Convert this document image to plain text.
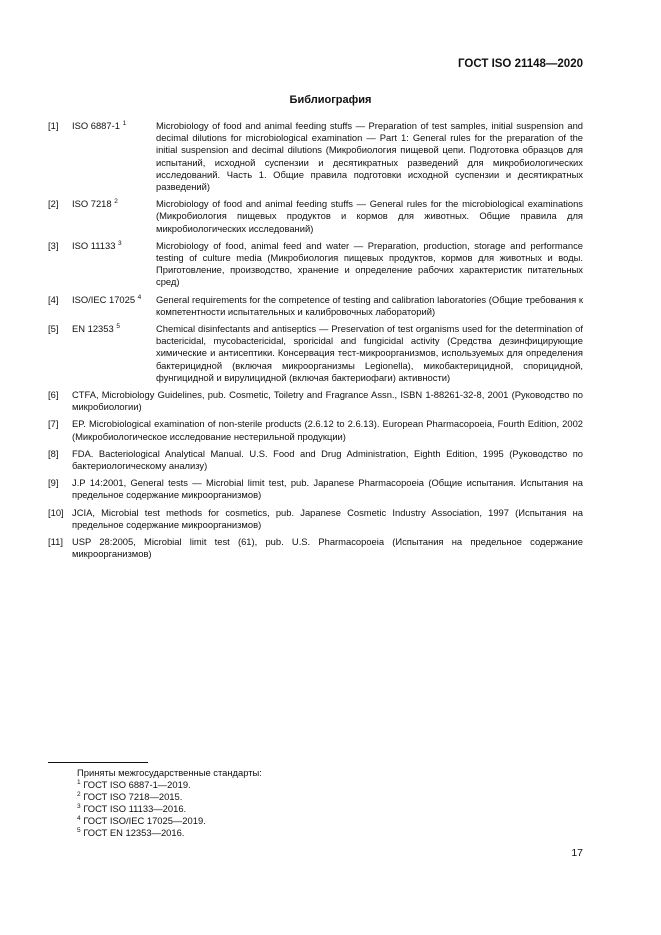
ГОСТ ISO 21148—2020
Библиография
[1] ISO 6887-1 $^1$	Microbiology of food and animal feeding stuffs — Preparation of test samples, initial suspension and decimal dilutions for microbiological examination — Part 1: General rules for the preparation of the initial suspension and decimal dilutions (Микробиология пищевой цепи. Подготовка образцов для испытаний, исходной суспензии и десятикратных разведений для микробиологических исследований. Часть 1. Общие правила подготовки исходной суспензии и десятикратных разведений)
[2] ISO 7218 $^2$	Microbiology of food and animal feeding stuffs — General rules for the microbiological examinations (Микробиология пищевых продуктов и кормов для животных. Общие правила для микробиологических исследований)
[3] ISO 11133 $^3$	Microbiology of food, animal feed and water — Preparation, production, storage and performance testing of culture media (Микробиология пищевых продуктов, кормов для животных и воды. Приготовление, производство, хранение и определение рабочих характеристик питательных сред)
[4] ISO/IEC 17025 $^4$ General requirements for the competence of testing and calibration laboratories (Общие требования к компетентности испытательных и калибровочных лабораторий)
[5] EN 12353 $^5$	Chemical disinfectants and antiseptics — Preservation of test organisms used for the determination of bactericidal, mycobactericidal, sporicidal and fungicidal activity (Средства дезинфицирующие химические и антисептики. Консервация тест-микроорганизмов, используемых для определения бактерицидной (включая микроорганизмы Legionella), микобактерицидной, спорицидной, фунгицидной и вирулицидной (включая бактериофаги) активности)
[6] CTFA, Microbiology Guidelines, pub. Cosmetic, Toiletry and Fragrance Assn., ISBN 1-88261-32-8, 2001 (Руководство по микробиологии)
[7] EP. Microbiological examination of non-sterile products (2.6.12 to 2.6.13). European Pharmacopoeia, Fourth Edition, 2002 (Микробиологическое исследование нестерильной продукции)
[8] FDA. Bacteriological Analytical Manual. U.S. Food and Drug Administration, Eighth Edition, 1995 (Руководство по бактериологическому анализу)
[9] J.P 14:2001, General tests — Microbial limit test, pub. Japanese Pharmacopoeia (Общие испытания. Испытания на предельное содержание микроорганизмов)
[10] JCIA, Microbial test methods for cosmetics, pub. Japanese Cosmetic Industry Association, 1997 (Испытания на предельное содержание микроорганизмов)
[11] USP 28:2005, Microbial limit test (61), pub. U.S. Pharmacopoeia (Испытания на предельное содержание микроорганизмов)
Приняты межгосударственные стандарты:
$^1$ ГОСТ ISO 6887-1—2019.
$^2$ ГОСТ ISO 7218—2015.
$^3$ ГОСТ ISO 11133—2016.
$^4$ ГОСТ ISO/IEC 17025—2019.
$^5$ ГОСТ EN 12353—2016.
17
